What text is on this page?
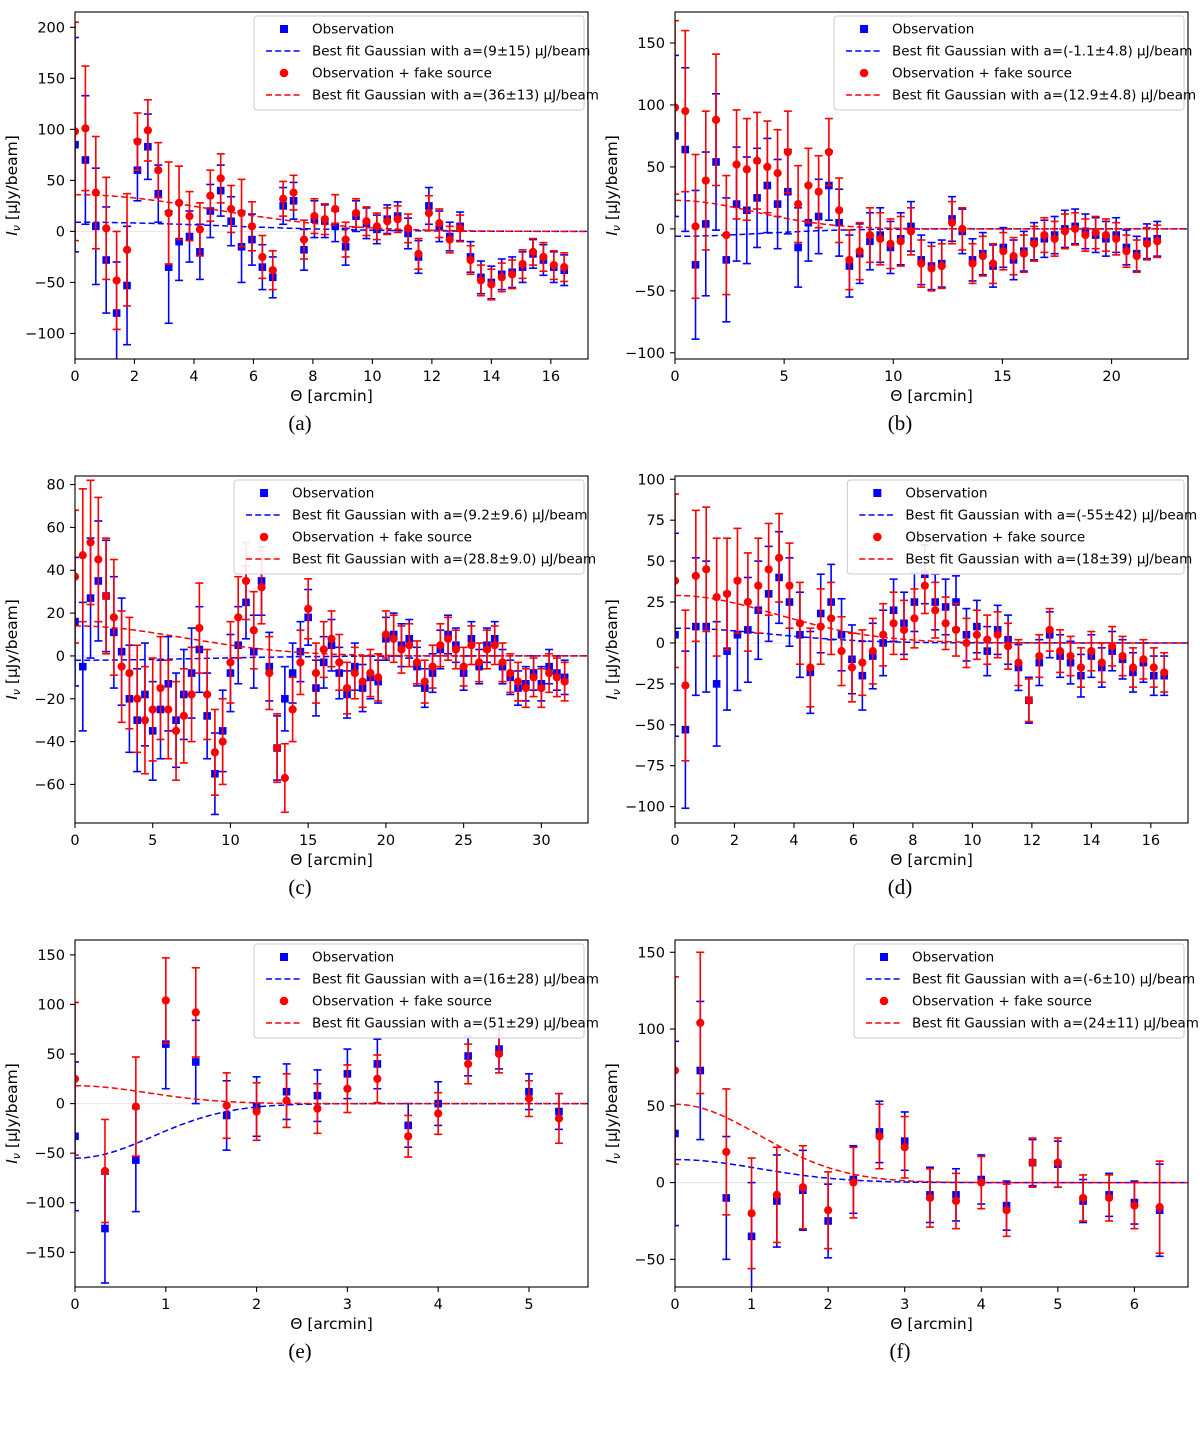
0	2	4	6	8	10	12	14	16
−100
−50
0
50
100
150
200
Θ [arcmin]
Iν [μJy/beam]
Observation
Best fit Gaussian with a=(9±15) μJ/beam
Observation + fake source
Best fit Gaussian with a=(36±13) μJ/beam
(a)
0	5	10	15	20
−100
−50
0
50
100
150
Θ [arcmin]
Iν [μJy/beam]
Observation
Best fit Gaussian with a=(-1.1±4.8) μJ/beam
Observation + fake source
Best fit Gaussian with a=(12.9±4.8) μJ/beam
(b)
0	5	10	15	20	25	30
−60
−40
−20
0
20
40
60
80
Θ [arcmin]
Iν [μJy/beam]
Observation
Best fit Gaussian with a=(9.2±9.6) μJ/beam
Observation + fake source
Best fit Gaussian with a=(28.8±9.0) μJ/beam
(c)
0	2	4	6	8	10	12	14	16
−100
−75
−50
−25
0
25
50
75
100
Θ [arcmin]
Iν [μJy/beam]
Observation
Best fit Gaussian with a=(-55±42) μJ/beam
Observation + fake source
Best fit Gaussian with a=(18±39) μJ/beam
(d)
0	1	2	3	4	5
−150
−100
−50
0
50
100
150
Θ [arcmin]
Iν [μJy/beam]
Observation
Best fit Gaussian with a=(16±28) μJ/beam
Observation + fake source
Best fit Gaussian with a=(51±29) μJ/beam
(e)
0	1	2	3	4	5	6
−50
0
50
100
150
Θ [arcmin]
Iν [μJy/beam]
Observation
Best fit Gaussian with a=(-6±10) μJ/beam
Observation + fake source
Best fit Gaussian with a=(24±11) μJ/beam
(f)
